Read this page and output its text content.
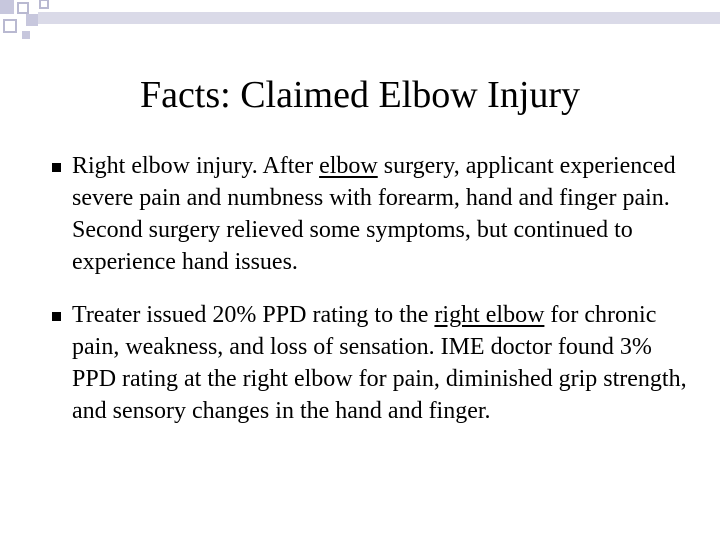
Facts: Claimed Elbow Injury
Right elbow injury. After elbow surgery, applicant experienced severe pain and numbness with forearm, hand and finger pain. Second surgery relieved some symptoms, but continued to experience hand issues.
Treater issued 20% PPD rating to the right elbow for chronic pain, weakness, and loss of sensation. IME doctor found 3% PPD rating at the right elbow for pain, diminished grip strength, and sensory changes in the hand and finger.
